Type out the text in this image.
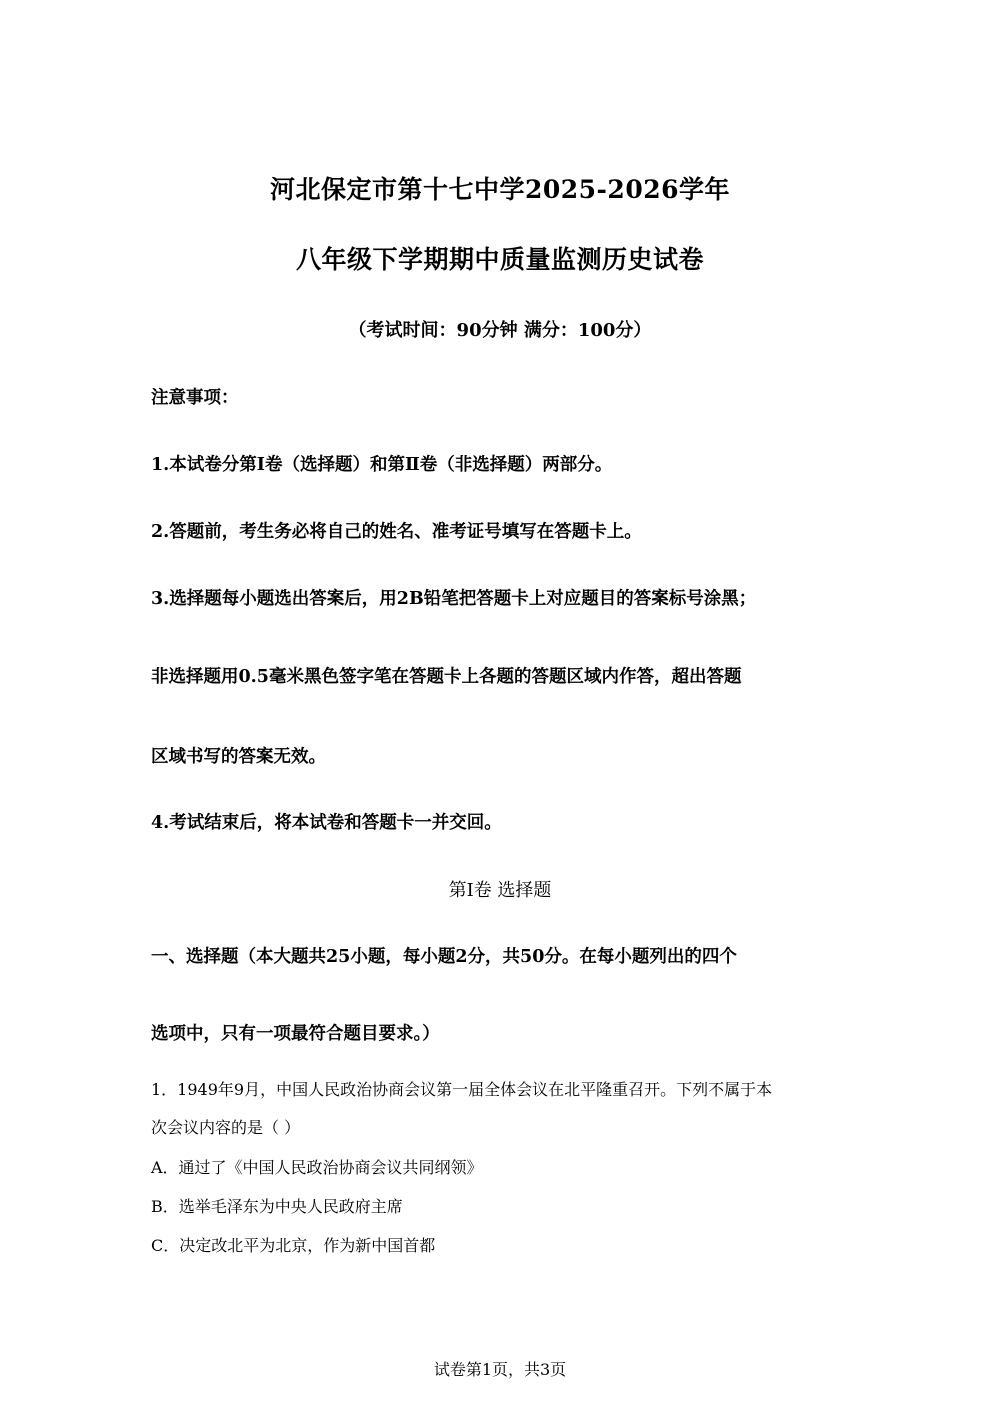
河北保定市第十七中学2025-2026学年
八年级下学期期中质量监测历史试卷
（考试时间：90分钟 满分：100分）
注意事项：
1.本试卷分第Ⅰ卷（选择题）和第Ⅱ卷（非选择题）两部分。
2.答题前，考生务必将自己的姓名、准考证号填写在答题卡上。
3.选择题每小题选出答案后，用2B铅笔把答题卡上对应题目的答案标号涂黑；
非选择题用0.5毫米黑色签字笔在答题卡上各题的答题区域内作答，超出答题
区域书写的答案无效。
4.考试结束后，将本试卷和答题卡一并交回。
第Ⅰ卷 选择题
一、选择题（本大题共25小题，每小题2分，共50分。在每小题列出的四个
选项中，只有一项最符合题目要求。）
1．1949年9月，中国人民政治协商会议第一届全体会议在北平隆重召开。下列不属于本
次会议内容的是（ ）
A．通过了《中国人民政治协商会议共同纲领》
B．选举毛泽东为中央人民政府主席
C．决定改北平为北京，作为新中国首都
试卷第1页，共3页
